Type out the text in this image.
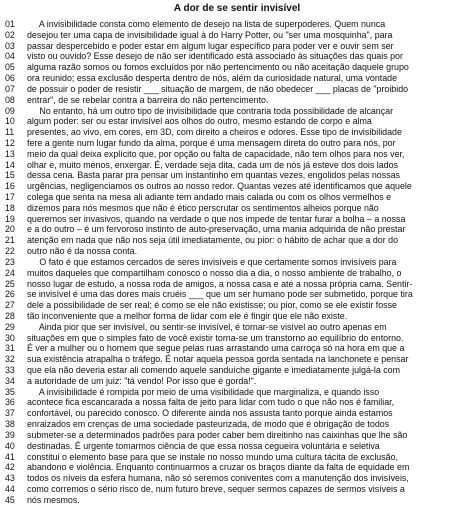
A dor de se sentir invisível
01	A invisibilidade consta como elemento de desejo na lista de superpoderes. Quem nunca
02	desejou ter uma capa de invisibilidade igual à do Harry Potter, ou "ser uma mosquinha", para
03	passar despercebido e poder estar em algum lugar específico para poder ver e ouvir sem ser
04	visto ou ouvido? Esse desejo de não ser identificado está associado às situações das quais por
05	alguma razão somos ou fomos excluídos por não pertencimento ou não aceitação daquele grupo
06	ora reunido; essa exclusão desperta dentro de nós, além da curiosidade natural, uma vontade
07	de possuir o poder de resistir ___ situação de margem, de não obedecer ___ placas de "proibido
08	entrar", de se rebelar contra a barreira do não pertencimento.
09	No entanto, há um outro tipo de invisibilidade que contraria toda possibilidade de alcançar
10	algum poder: ser ou estar invisível aos olhos do outro, mesmo estando de corpo e alma
11	presentes, ao vivo, em cores, em 3D, com direito a cheiros e odores. Esse tipo de invisibilidade
12	fere a gente num lugar fundo da alma, porque é uma mensagem direta do outro para nós, por
13	meio da qual deixa explícito que, por opção ou falta de capacidade, não tem olhos para nos ver,
14	olhar e, muito menos, enxergar. É, verdade seja dita, cada um de nós já esteve dos dois lados
15	dessa cena. Basta parar pra pensar um instantinho em quantas vezes, engolidos pelas nossas
16	urgências, negligenciamos os outros ao nosso redor. Quantas vezes até identificamos que aquele
17	colega que senta na mesa ali adiante tem andado mais calada ou com os olhos vermelhos e
18	dizemos para nós mesmos que não é ético perscrutar os sentimentos alheios porque não
19	queremos ser invasivos, quando na verdade o que nos impede de tentar furar a bolha – a nossa
20	e a do outro – é um fervoroso instinto de auto-preservação, uma mania adquirida de não prestar
21	atenção em nada que não nos seja útil imediatamente, ou pior: o hábito de achar que a dor do
22	outro não é da nossa conta.
23	O fato é que estamos cercados de seres invisíveis e que certamente somos invisíveis para
24	muitos daqueles que compartilham conosco o nosso dia a dia, o nosso ambiente de trabalho, o
25	nosso lugar de estudo, a nossa roda de amigos, a nossa casa e até a nossa própria cama. Sentir-
26	se invisível é uma das dores mais cruéis ___ que um ser humano pode ser submetido, porque tira
27	dele a possibilidade de ser real; é como se ele não existisse; ou pior, como se ele existir fosse
28	tão inconveniente que a melhor forma de lidar com ele é fingir que ele não existe.
29	Ainda pior que ser invisível, ou sentir-se invisível, é tornar-se visível ao outro apenas em
30	situações em que o simples fato de você existir torna-se um transtorno ao equilíbrio do entorno.
31	É ver a mulher ou o homem que segue pelas ruas arrastando uma carroça só na hora em que a
32	sua existência atrapalha o tráfego. É notar aquela pessoa gorda sentada na lanchonete e pensar
33	que ela não deveria estar ali comendo aquele sanduíche gigante e imediatamente julgá-la com
34	a autoridade de um juiz: "tá vendo! Por isso que é gorda!".
35	A invisibilidade é rompida por meio de uma visibilidade que marginaliza, e quando isso
36	acontece fica escancarada a nossa falta de jeito para lidar com tudo o que não nos é familiar,
37	confortável, ou parecido conosco. O diferente ainda nos assusta tanto porque ainda estamos
38	enraizados em crenças de uma sociedade pasteurizada, de modo que é obrigação de todos
39	submeter-se a determinados padrões para poder caber bem direitinho nas caixinhas que lhe são
40	destinadas. É urgente tomarmos ciência de que essa nossa cegueira voluntária e seletiva
41	constitui o elemento base para que se instale no nosso mundo uma cultura tácita de exclusão,
42	abandono e violência. Enquanto continuarmos a cruzar os braços diante da falta de equidade em
43	todos os níveis da esfera humana, não só seremos coniventes com a manutenção dos invisíveis,
44	como corremos o sério risco de, num futuro breve, sequer sermos capazes de sermos visíveis a
45	nós mesmos.
